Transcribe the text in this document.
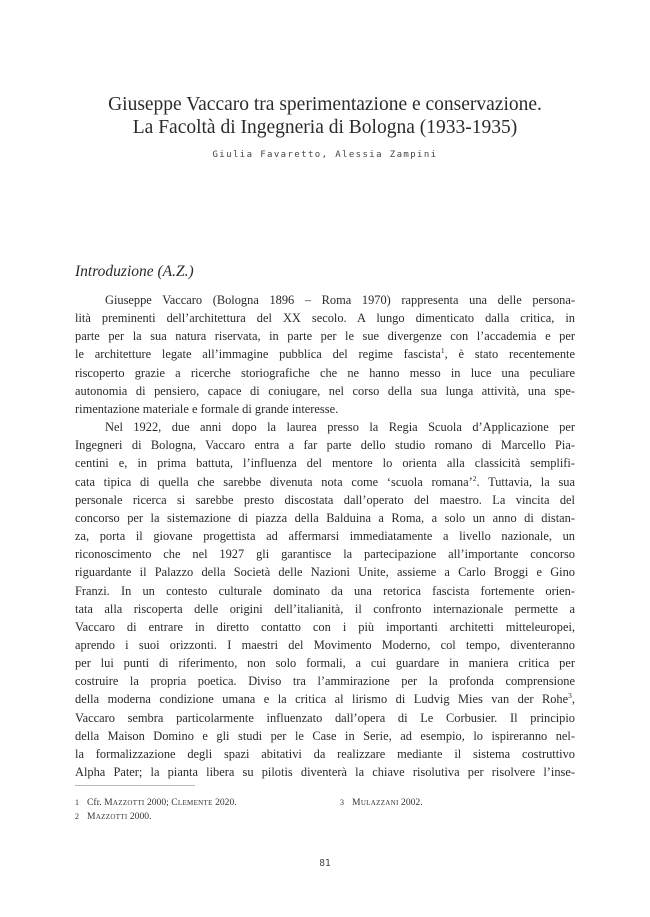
Giuseppe Vaccaro tra sperimentazione e conservazione.
La Facoltà di Ingegneria di Bologna (1933-1935)
Giulia Favaretto, Alessia Zampini
Introduzione (A.Z.)
Giuseppe Vaccaro (Bologna 1896 – Roma 1970) rappresenta una delle persona-
lità preminenti dell’architettura del XX secolo. A lungo dimenticato dalla critica, in
parte per la sua natura riservata, in parte per le sue divergenze con l’accademia e per
le architetture legate all’immagine pubblica del regime fascista$^1$, è stato recentemente
riscoperto grazie a ricerche storiografiche che ne hanno messo in luce una peculiare
autonomia di pensiero, capace di coniugare, nel corso della sua lunga attività, una spe-
rimentazione materiale e formale di grande interesse.
Nel 1922, due anni dopo la laurea presso la Regia Scuola d’Applicazione per
Ingegneri di Bologna, Vaccaro entra a far parte dello studio romano di Marcello Pia-
centini e, in prima battuta, l’influenza del mentore lo orienta alla classicità semplifi-
cata tipica di quella che sarebbe divenuta nota come ‘scuola romana’$^2$. Tuttavia, la sua
personale ricerca si sarebbe presto discostata dall’operato del maestro. La vincita del
concorso per la sistemazione di piazza della Balduina a Roma, a solo un anno di distan-
za, porta il giovane progettista ad affermarsi immediatamente a livello nazionale, un
riconoscimento che nel 1927 gli garantisce la partecipazione all’importante concorso
riguardante il Palazzo della Società delle Nazioni Unite, assieme a Carlo Broggi e Gino
Franzi. In un contesto culturale dominato da una retorica fascista fortemente orien-
tata alla riscoperta delle origini dell’italianità, il confronto internazionale permette a
Vaccaro di entrare in diretto contatto con i più importanti architetti mitteleuropei,
aprendo i suoi orizzonti. I maestri del Movimento Moderno, col tempo, diventeranno
per lui punti di riferimento, non solo formali, a cui guardare in maniera critica per
costruire la propria poetica. Diviso tra l’ammirazione per la profonda comprensione
della moderna condizione umana e la critica al lirismo di Ludvig Mies van der Rohe$^3$,
Vaccaro sembra particolarmente influenzato dall’opera di Le Corbusier. Il principio
della Maison Domino e gli studi per le Case in Serie, ad esempio, lo ispireranno nel-
la formalizzazione degli spazi abitativi da realizzare mediante il sistema costruttivo
Alpha Pater; la pianta libera su pilotis diventerà la chiave risolutiva per risolvere l’inse-
1 Cfr. Mazzotti 2000; Clemente 2020.
2 Mazzotti 2000.
3 Mulazzani 2002.
81
